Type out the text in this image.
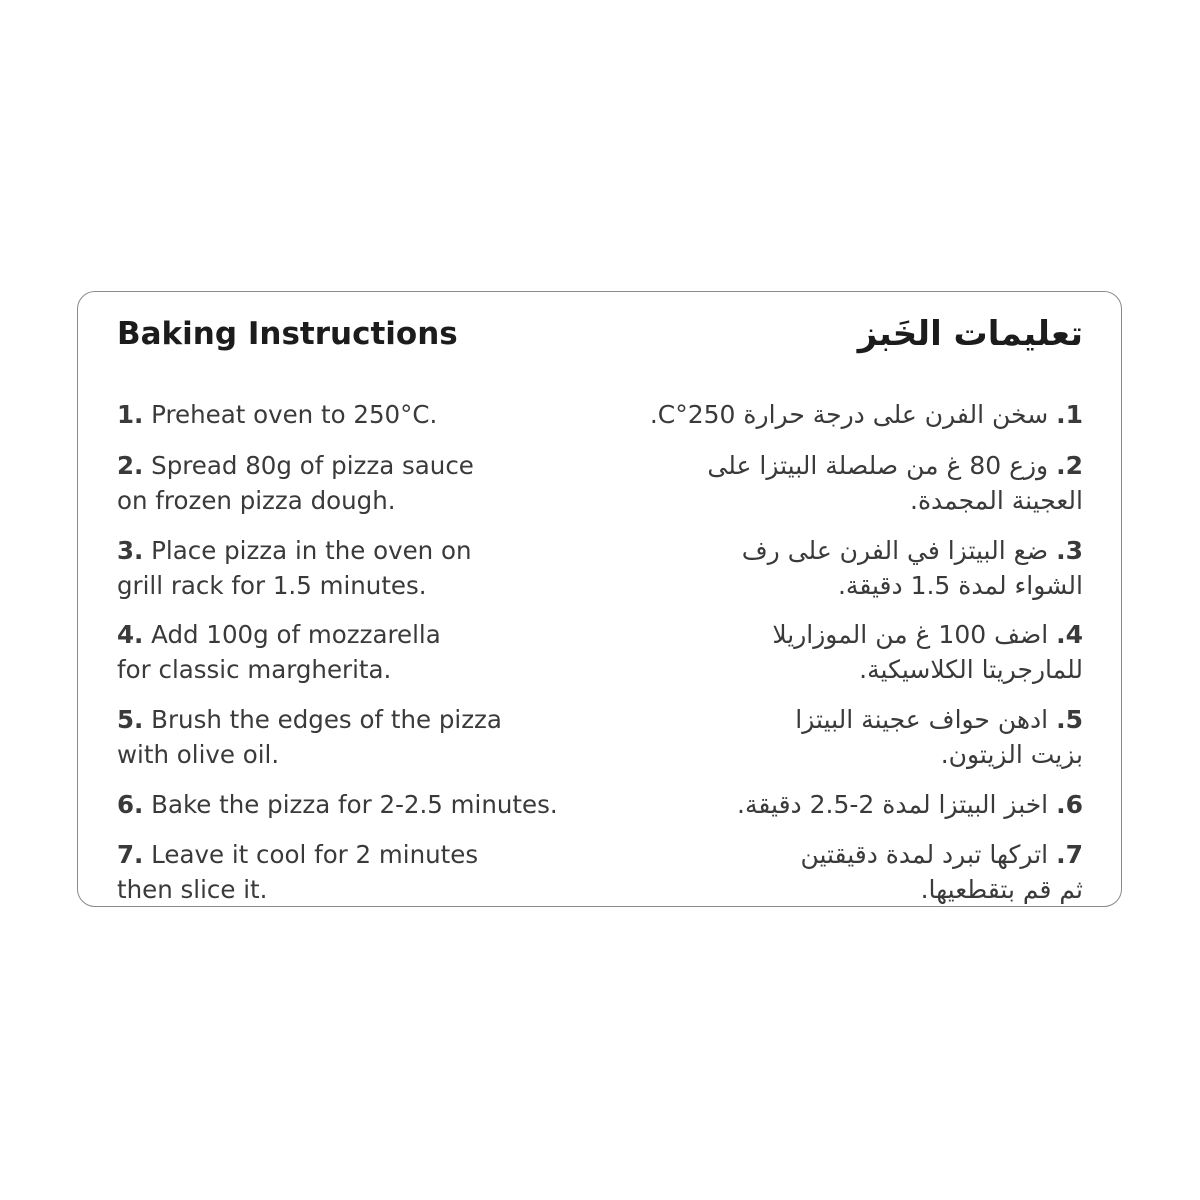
Baking Instructions
1. Preheat oven to 250°C.
2. Spread 80g of pizza sauce
on frozen pizza dough.
3. Place pizza in the oven on
grill rack for 1.5 minutes.
4. Add 100g of mozzarella
for classic margherita.
5. Brush the edges of the pizza
with olive oil.
6. Bake the pizza for 2-2.5 minutes.
7. Leave it cool for 2 minutes
then slice it.
تعليمات الخَبز
1. سخن الفرن على درجة حرارة 250°C.
2. وزع 80 غ من صلصلة البيتزا على
العجينة المجمدة.
3. ضع البيتزا في الفرن على رف
الشواء لمدة 1.5 دقيقة.
4. اضف 100 غ من الموزاريلا
للمارجريتا الكلاسيكية.
5. ادهن حواف عجينة البيتزا
بزيت الزيتون.
6. اخبز البيتزا لمدة 2-2.5 دقيقة.
7. اتركها تبرد لمدة دقيقتين
ثم قم بتقطعيها.
